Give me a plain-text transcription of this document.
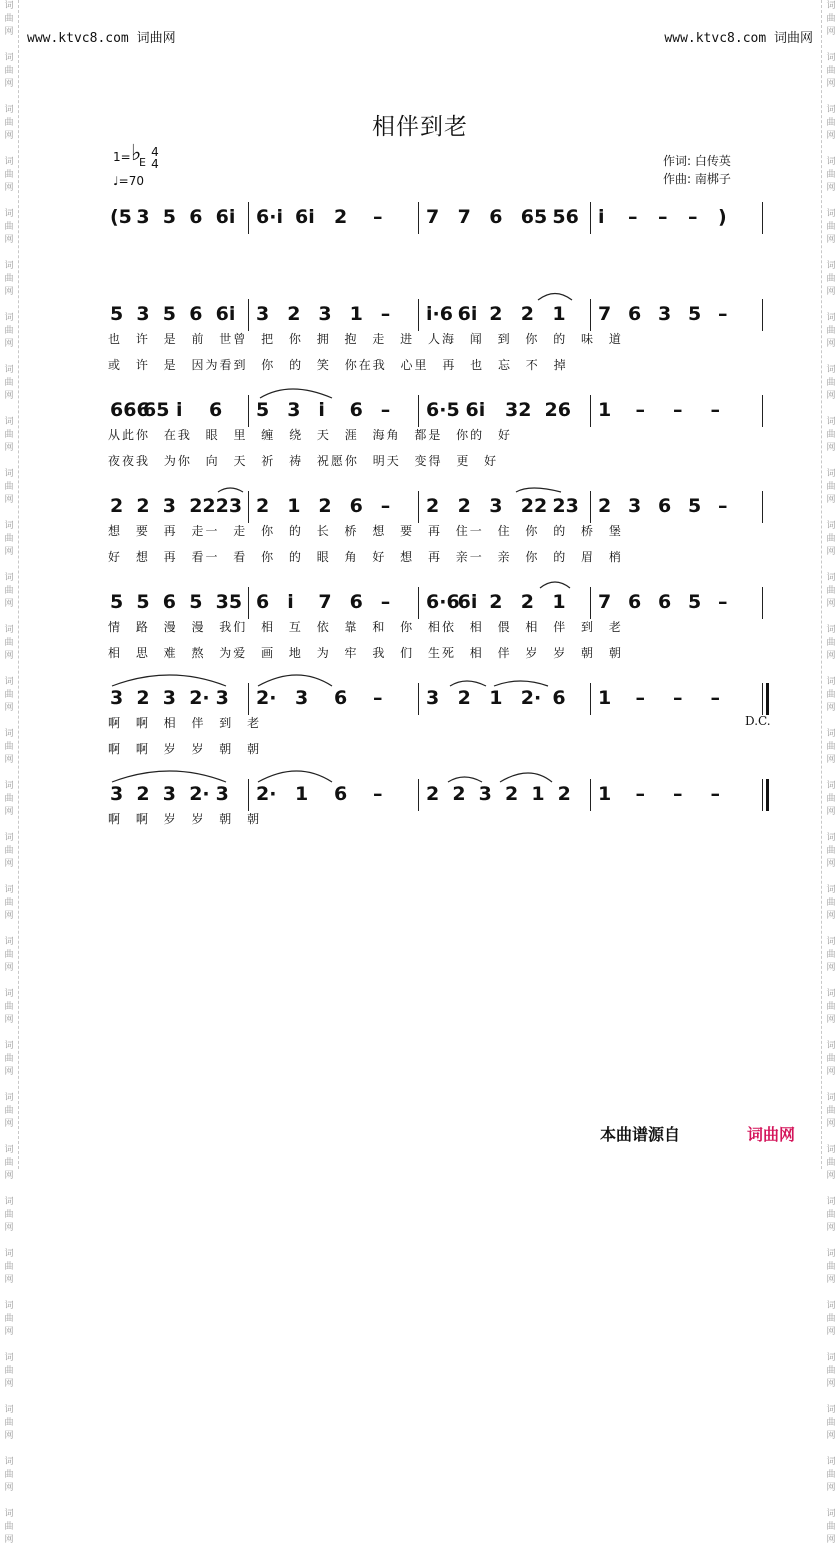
词
曲
网

词
曲
网

词
曲
网

词
曲
网

词
曲
网

词
曲
网

词
曲
网

词
曲
网

词
曲
网

词
曲
网

词
曲
网

词
曲
网

词
曲
网

词
曲
网

词
曲
网

词
曲
网

词
曲
网

词
曲
网

词
曲
网

词
曲
网

词
曲
网

词
曲
网

词
曲
网

词
曲
网

词
曲
网

词
曲
网

词
曲
网

词
曲
网

词
曲
网

词
曲
网
词
曲
网

词
曲
网

词
曲
网

词
曲
网

词
曲
网

词
曲
网

词
曲
网

词
曲
网

词
曲
网

词
曲
网

词
曲
网

词
曲
网

词
曲
网

词
曲
网

词
曲
网

词
曲
网

词
曲
网

词
曲
网

词
曲
网

词
曲
网

词
曲
网

词
曲
网

词
曲
网

词
曲
网

词
曲
网

词
曲
网

词
曲
网

词
曲
网

词
曲
网

词
曲
网
www.ktvc8.com 词曲网	www.ktvc8.com 词曲网
相伴到老
1= ♭
E
4
4
♩=70
作词: 白传英
作曲: 南梆子
(5 3 5 6 6i 6·i 6i 2 – 7 7 6 65 56 i – – – )
5 3 5 6 6i 3 2 3 1 – i·6 6i 2 2 1 7 6 3 5 –
也 许 是 前 世曾 把 你 拥 抱 走 进 人海 闻 到 你 的 味 道
或 许 是 因为看到 你 的 笑 你在我 心里 再 也 忘 不 掉
666
65 i 6 5 3 i 6 – 6·5 6i 32 26 1 – – –
从此你 在我 眼 里 缠 绕 天 涯 海角 都是 你的 好
夜夜我 为你 向 天 祈 祷 祝愿你 明天 变得 更 好
2 2 3 22 23 2 1 2 6 – 2 2 3 22 23 2 3 6 5 –
想 要 再 走一 走 你 的 长 桥 想 要 再 住一 住 你 的 桥 堡
好 想 再 看一 看 你 的 眼 角 好 想 再 亲一 亲 你 的 眉 梢
5 5 6 5 35 6 i 7 6 – 6·6
6i 2 2 1 7 6 6 5 –
情 路 漫 漫 我们 相 互 依 靠 和 你 相依 相 偎 相 伴 到 老
相 思 难 熬 为爱 画 地 为 牢 我 们 生死 相 伴 岁 岁 朝 朝
3 2 3 2· 3 2· 3 6 – 3 2 1 2· 6 1 – – –
啊 啊 相 伴 到 老
啊 啊 岁 岁 朝 朝
3 2 3 2· 3 2· 1 6 – 2 2 3 2 1 2 1 – – –
啊 啊 岁 岁 朝 朝
D.C.
本曲谱源自	词曲网
